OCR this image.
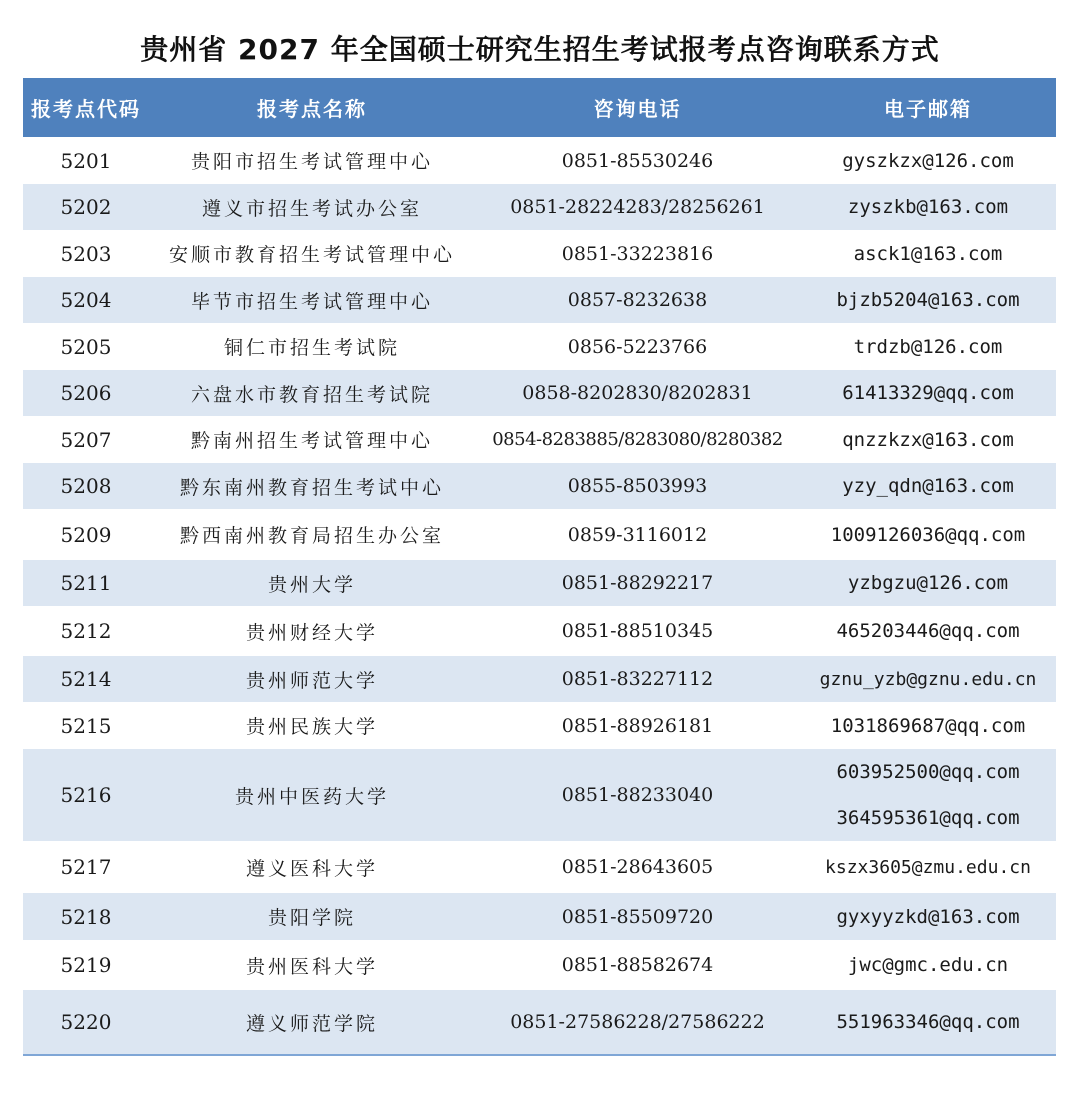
贵州省 2027 年全国硕士研究生招生考试报考点咨询联系方式
报考点代码	报考点名称	咨询电话	电子邮箱
5201	贵阳市招生考试管理中心	0851-85530246	gyszkzx@126.com
5202	遵义市招生考试办公室	0851-28224283/28256261	zyszkb@163.com
5203	安顺市教育招生考试管理中心	0851-33223816	asck1@163.com
5204	毕节市招生考试管理中心	0857-8232638	bjzb5204@163.com
5205	铜仁市招生考试院	0856-5223766	trdzb@126.com
5206	六盘水市教育招生考试院	0858-8202830/8202831	61413329@qq.com
5207	黔南州招生考试管理中心	0854-8283885/8283080/8280382	qnzzkzx@163.com
5208	黔东南州教育招生考试中心	0855-8503993	yzy_qdn@163.com
5209	黔西南州教育局招生办公室	0859-3116012	1009126036@qq.com
5211	贵州大学	0851-88292217	yzbgzu@126.com
5212	贵州财经大学	0851-88510345	465203446@qq.com
5214	贵州师范大学	0851-83227112	gznu_yzb@gznu.edu.cn
5215	贵州民族大学	0851-88926181	1031869687@qq.com
5216	贵州中医药大学	0851-88233040	603952500@qq.com
364595361@qq.com

5217	遵义医科大学	0851-28643605	kszx3605@zmu.edu.cn
5218	贵阳学院	0851-85509720	gyxyyzkd@163.com
5219	贵州医科大学	0851-88582674	jwc@gmc.edu.cn
5220	遵义师范学院	0851-27586228/27586222	551963346@qq.com
